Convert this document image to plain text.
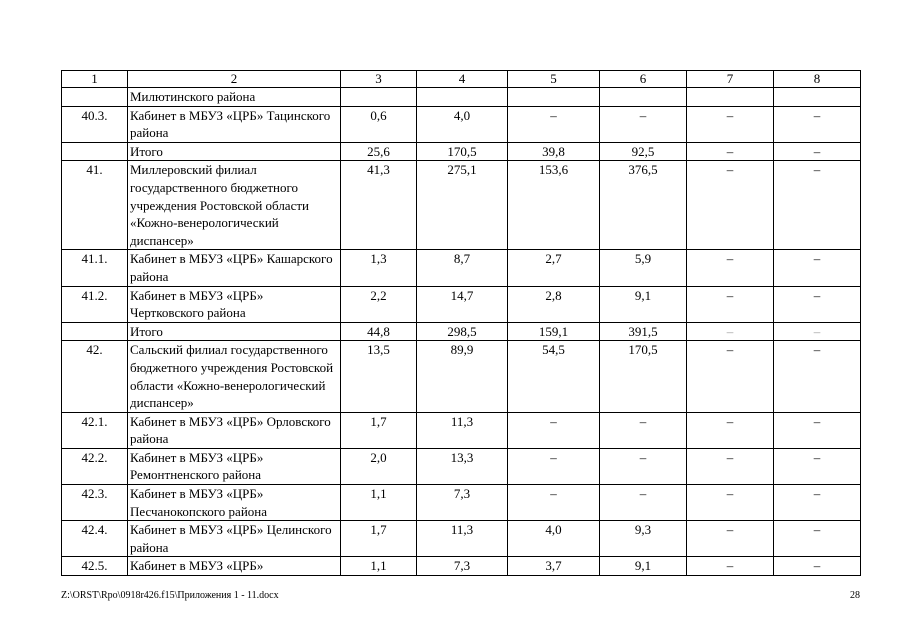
1	2	3	4	5	6	7	8
	Милютинского района						
40.3.	Кабинет в МБУЗ «ЦРБ» Тацинского района	0,6	4,0	–	–	–	–
	Итого	25,6	170,5	39,8	92,5	–	–
41.	Миллеровский филиал государственного бюджетного учреждения Ростовской области «Кожно-венерологический диспансер»	41,3	275,1	153,6	376,5	–	–
41.1.	Кабинет в МБУЗ «ЦРБ» Кашарского района	1,3	8,7	2,7	5,9	–	–
41.2.	Кабинет в МБУЗ «ЦРБ» Чертковского района	2,2	14,7	2,8	9,1	–	–
	Итого	44,8	298,5	159,1	391,5	–	–
42.	Сальский филиал государственного бюджетного учреждения Ростовской области «Кожно-венерологический диспансер»	13,5	89,9	54,5	170,5	–	–
42.1.	Кабинет в МБУЗ «ЦРБ» Орловского района	1,7	11,3	–	–	–	–
42.2.	Кабинет в МБУЗ «ЦРБ» Ремонтненского района	2,0	13,3	–	–	–	–
42.3.	Кабинет в МБУЗ «ЦРБ» Песчанокопского района	1,1	7,3	–	–	–	–
42.4.	Кабинет в МБУЗ «ЦРБ» Целинского района	1,7	11,3	4,0	9,3	–	–
42.5.	Кабинет в МБУЗ «ЦРБ»	1,1	7,3	3,7	9,1	–	–
Z:\ORST\Rpo\0918r426.f15\Приложения 1 - 11.docx	28
